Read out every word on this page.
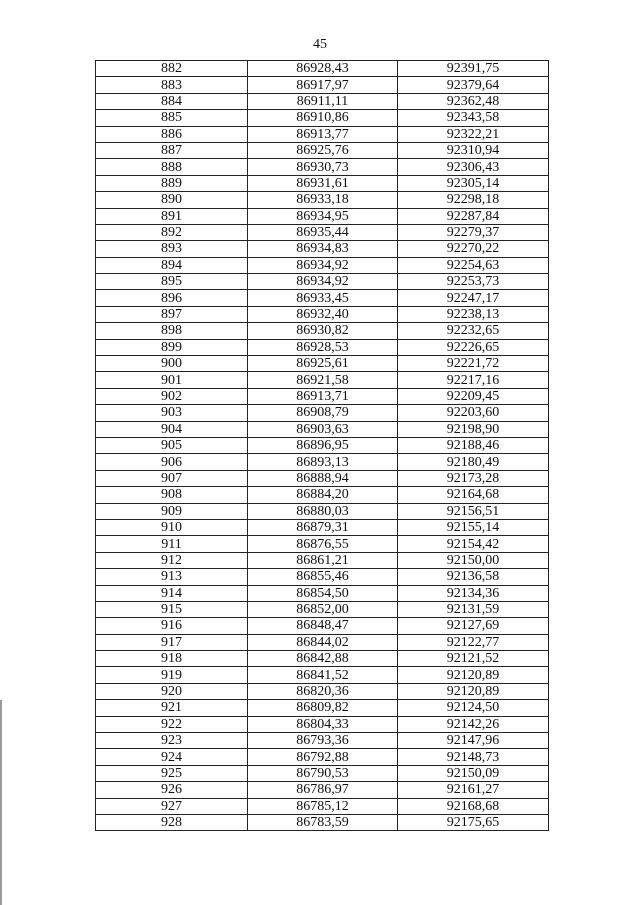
45
882	86928,43	92391,75
883	86917,97	92379,64
884	86911,11	92362,48
885	86910,86	92343,58
886	86913,77	92322,21
887	86925,76	92310,94
888	86930,73	92306,43
889	86931,61	92305,14
890	86933,18	92298,18
891	86934,95	92287,84
892	86935,44	92279,37
893	86934,83	92270,22
894	86934,92	92254,63
895	86934,92	92253,73
896	86933,45	92247,17
897	86932,40	92238,13
898	86930,82	92232,65
899	86928,53	92226,65
900	86925,61	92221,72
901	86921,58	92217,16
902	86913,71	92209,45
903	86908,79	92203,60
904	86903,63	92198,90
905	86896,95	92188,46
906	86893,13	92180,49
907	86888,94	92173,28
908	86884,20	92164,68
909	86880,03	92156,51
910	86879,31	92155,14
911	86876,55	92154,42
912	86861,21	92150,00
913	86855,46	92136,58
914	86854,50	92134,36
915	86852,00	92131,59
916	86848,47	92127,69
917	86844,02	92122,77
918	86842,88	92121,52
919	86841,52	92120,89
920	86820,36	92120,89
921	86809,82	92124,50
922	86804,33	92142,26
923	86793,36	92147,96
924	86792,88	92148,73
925	86790,53	92150,09
926	86786,97	92161,27
927	86785,12	92168,68
928	86783,59	92175,65
